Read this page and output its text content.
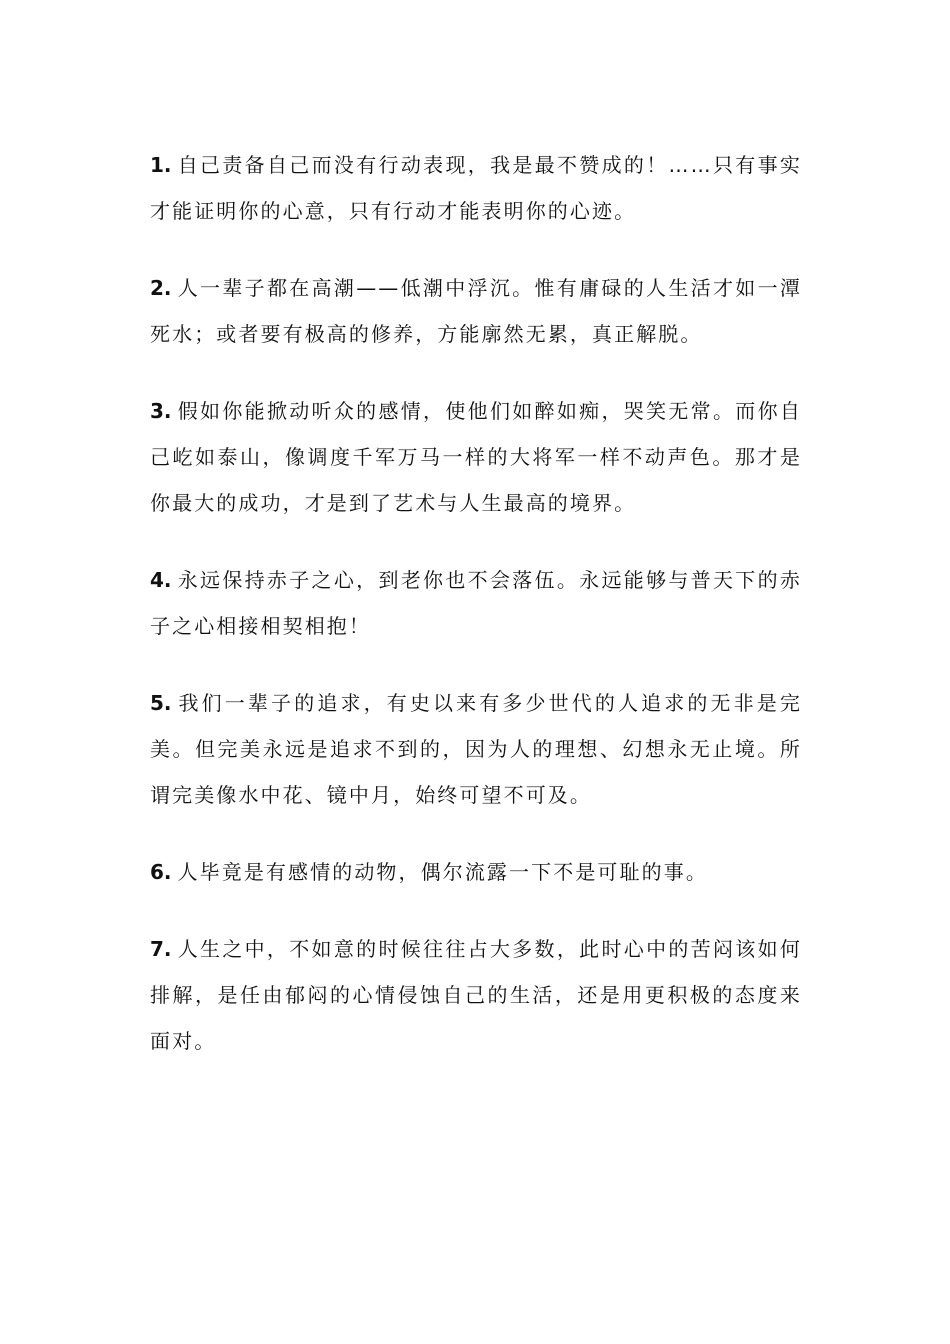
1. 自己责备自己而没有行动表现，我是最不赞成的！……只有事实才能证明你的心意，只有行动才能表明你的心迹。

2. 人一辈子都在高潮——低潮中浮沉。惟有庸碌的人生活才如一潭死水；或者要有极高的修养，方能廓然无累，真正解脱。

3. 假如你能掀动听众的感情，使他们如醉如痴，哭笑无常。而你自己屹如泰山，像调度千军万马一样的大将军一样不动声色。那才是你最大的成功，才是到了艺术与人生最高的境界。

4. 永远保持赤子之心，到老你也不会落伍。永远能够与普天下的赤子之心相接相契相抱！

5. 我们一辈子的追求，有史以来有多少世代的人追求的无非是完美。但完美永远是追求不到的，因为人的理想、幻想永无止境。所谓完美像水中花、镜中月，始终可望不可及。

6. 人毕竟是有感情的动物，偶尔流露一下不是可耻的事。

7. 人生之中，不如意的时候往往占大多数，此时心中的苦闷该如何排解，是任由郁闷的心情侵蚀自己的生活，还是用更积极的态度来面对。
